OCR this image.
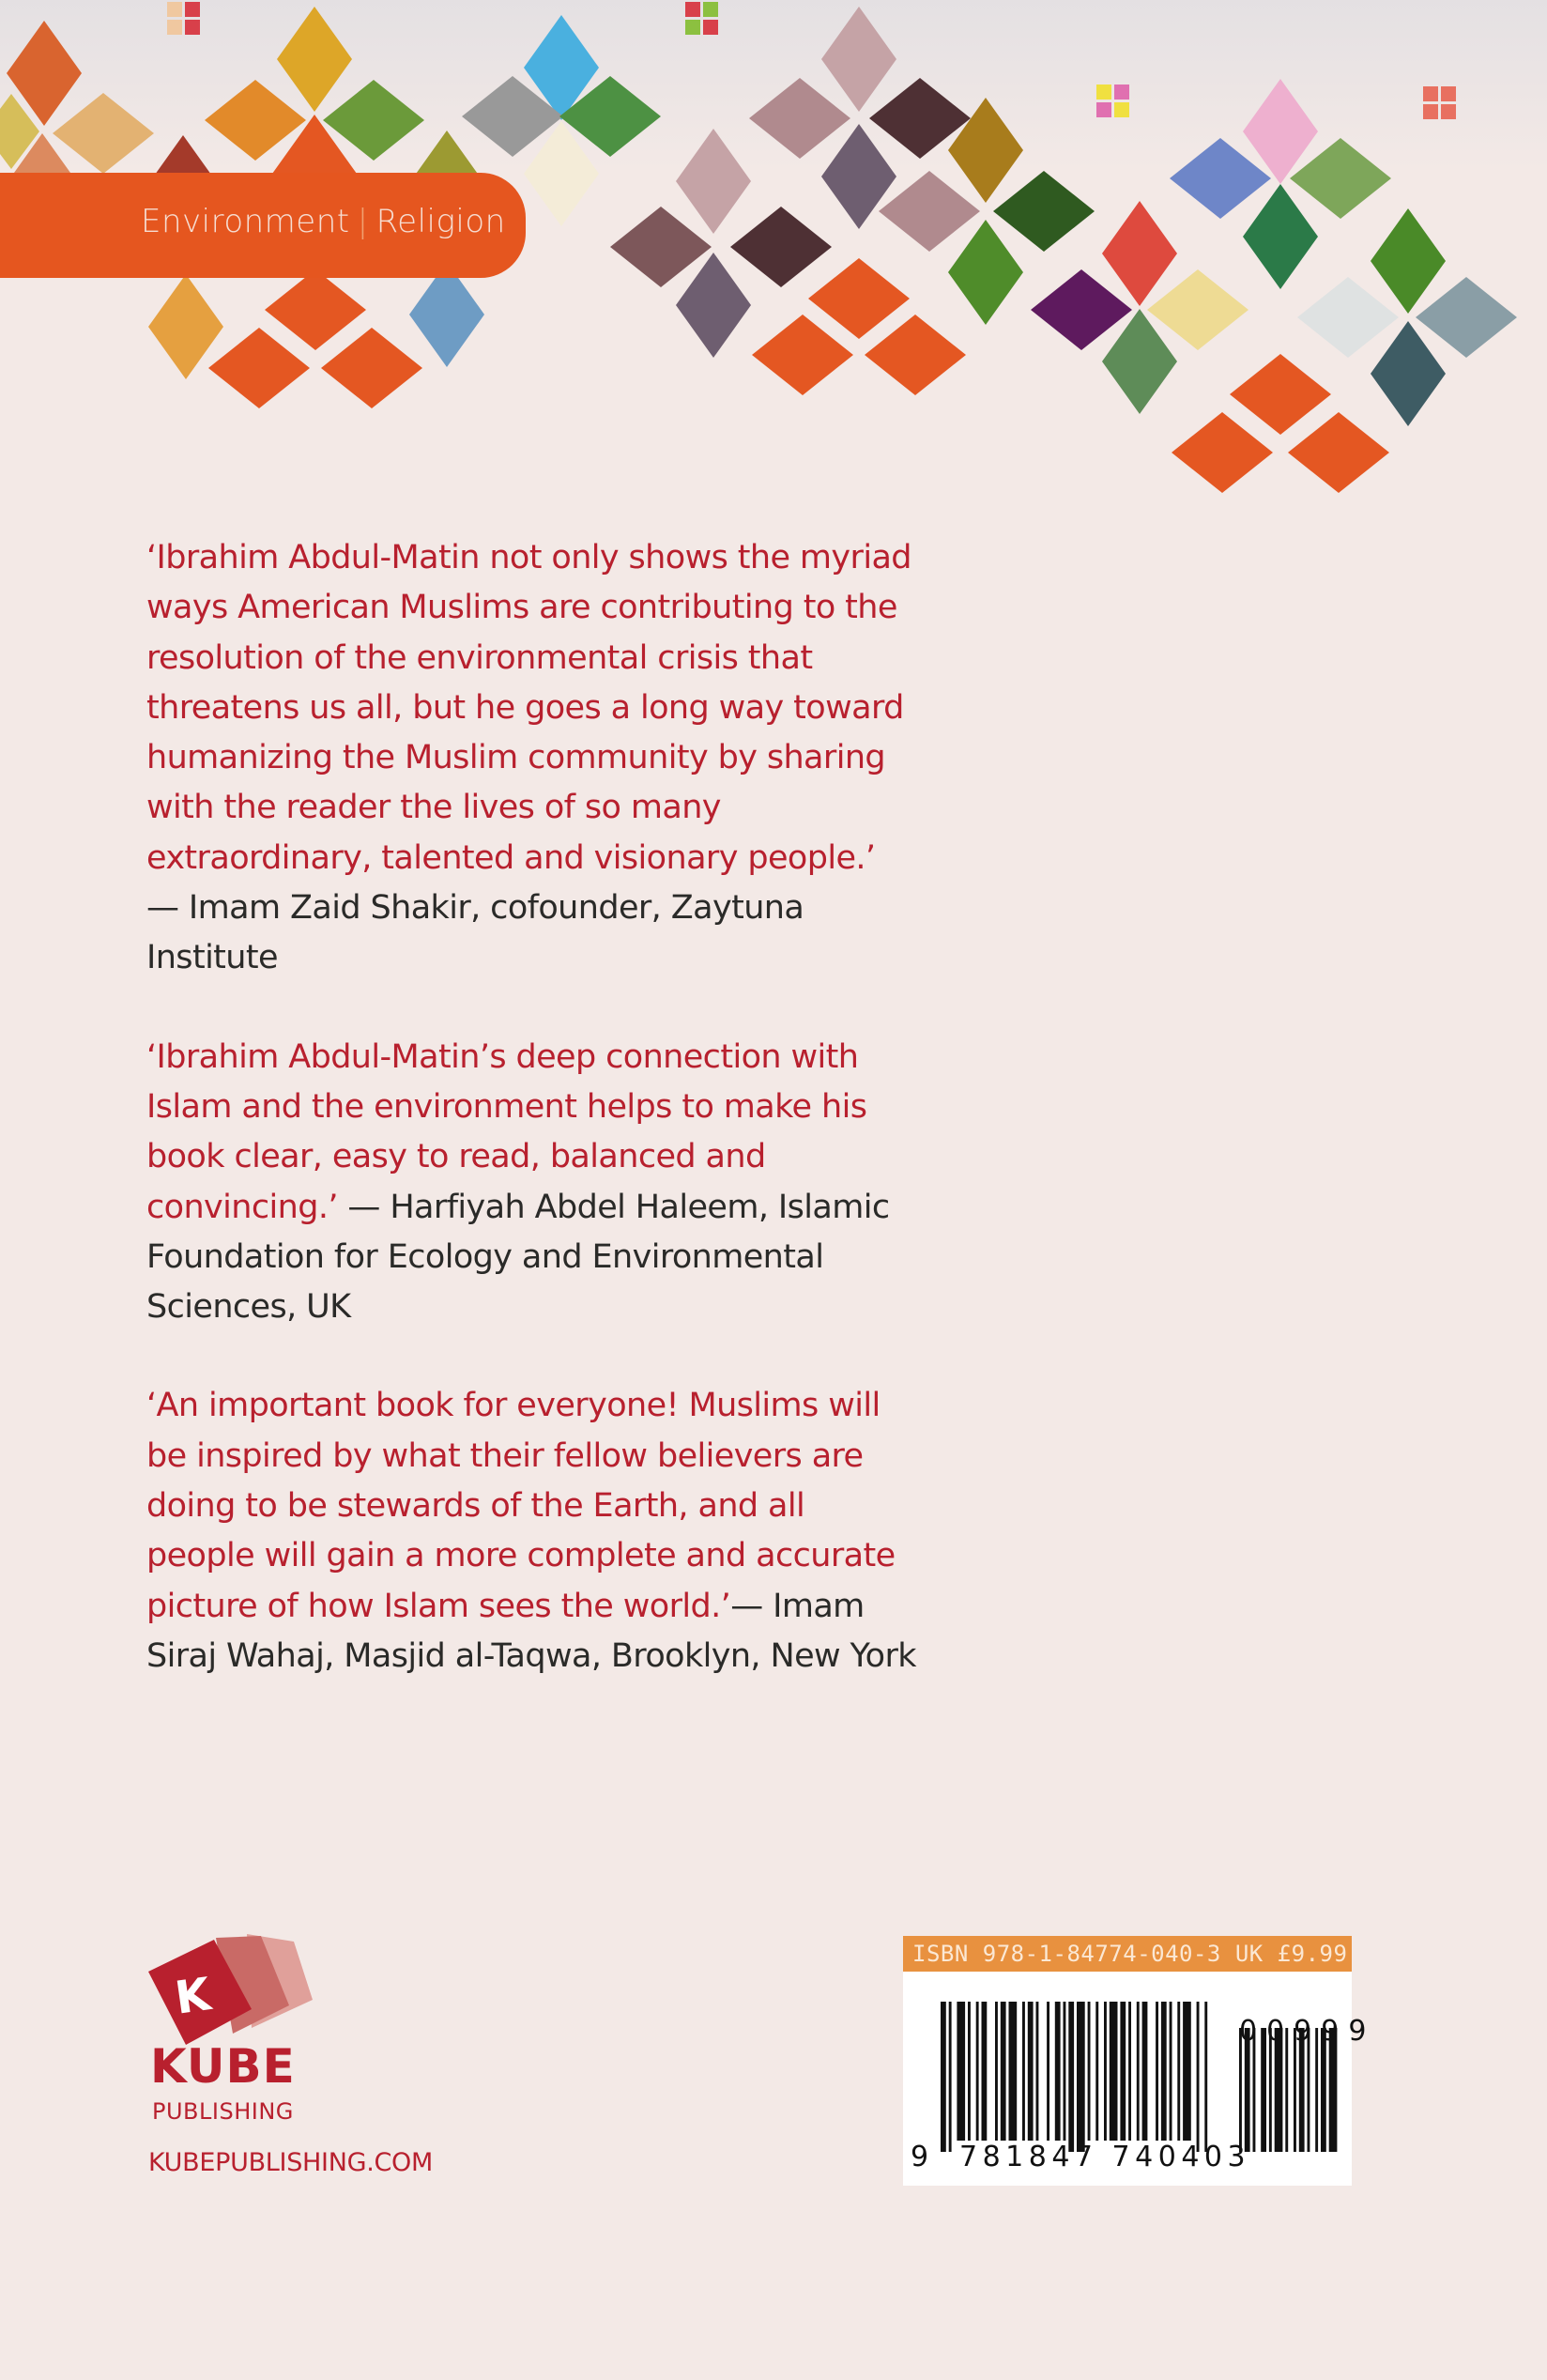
Environment | Religion

‘Ibrahim Abdul-Matin not only shows the myriad ways American Muslims are contributing to the resolution of the environmental crisis that threatens us all, but he goes a long way toward humanizing the Muslim community by sharing with the reader the lives of so many extraordinary, talented and visionary people.’ — Imam Zaid Shakir, cofounder, Zaytuna Institute

‘Ibrahim Abdul-Matin’s deep connection with Islam and the environment helps to make his book clear, easy to read, balanced and convincing.’ — Harfiyah Abdel Haleem, Islamic Foundation for Ecology and Environmental Sciences, UK

‘An important book for everyone! Muslims will be inspired by what their fellow believers are doing to be stewards of the Earth, and all people will gain a more complete and accurate picture of how Islam sees the world.’— Imam Siraj Wahaj, Masjid al-Taqwa, Brooklyn, New York

K
KUBE
PUBLISHING
KUBEPUBLISHING.COM
ISBN 978-1-84774-040-3 UK £9.99
9 781847 740403
00999
